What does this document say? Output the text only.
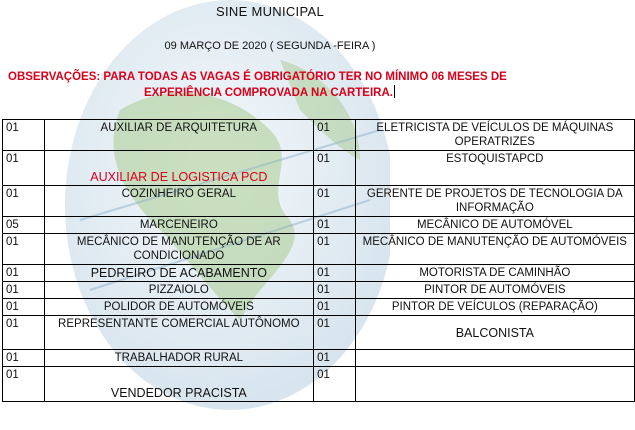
SINE MUNICIPAL
09 MARÇO DE 2020 ( SEGUNDA -FEIRA )
OBSERVAÇÕES: PARA TODAS AS VAGAS É OBRIGATÓRIO TER NO MÍNIMO 06 MESES DE
EXPERIÊNCIA COMPROVADA NA CARTEIRA.
01	AUXILIAR DE ARQUITETURA	01	ELETRICISTA DE VEÍCULOS DE MÁQUINAS OPERATRIZES
01	AUXILIAR DE LOGISTICA PCD	01	ESTOQUISTAPCD
01	COZINHEIRO GERAL	01	GERENTE DE PROJETOS DE TECNOLOGIA DA INFORMAÇÃO
05	MARCENEIRO	01	MECÂNICO DE AUTOMÓVEL
01	MECÂNICO DE MANUTENÇÃO DE AR CONDICIONADO	01	MECÂNICO DE MANUTENÇÃO DE AUTOMÓVEIS
01	PEDREIRO DE ACABAMENTO	01	MOTORISTA DE CAMINHÃO
01	PIZZAIOLO	01	PINTOR DE AUTOMÓVEIS
01	POLIDOR DE AUTOMÓVEIS	01	PINTOR DE VEÍCULOS (REPARAÇÃO)
01	REPRESENTANTE COMERCIAL AUTÔNOMO	01	BALCONISTA

01	TRABALHADOR RURAL	01	
01	VENDEDOR PRACISTA	01	
